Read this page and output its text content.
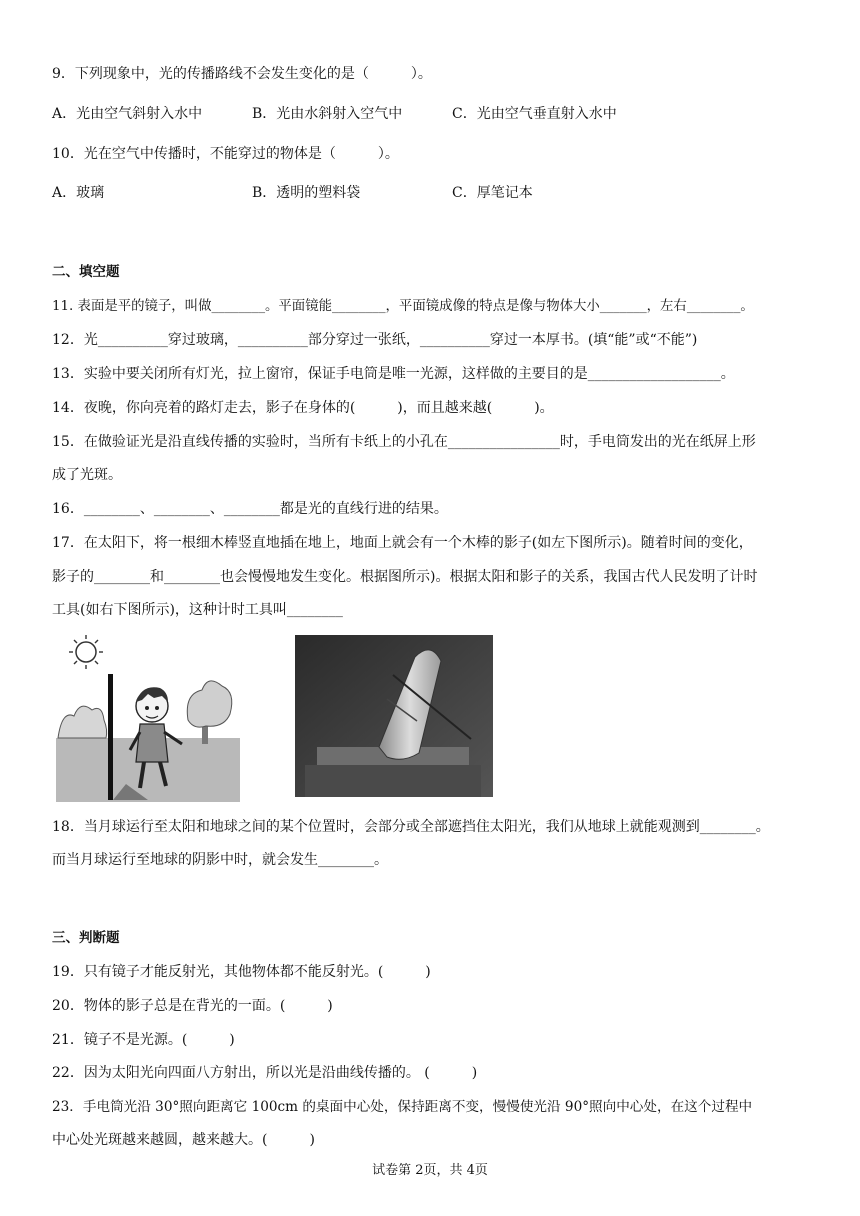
9．下列现象中，光的传播路线不会发生变化的是（　　　）。
A．光由空气斜射入水中	B．光由水斜射入空气中	C．光由空气垂直射入水中
10．光在空气中传播时，不能穿过的物体是（　　　）。
A．玻璃	B．透明的塑料袋	C．厚笔记本
二、填空题
11. 表面是平的镜子，叫做________。平面镜能________，平面镜成像的特点是像与物体大小_______，左右________。
12．光__________穿过玻璃，__________部分穿过一张纸，__________穿过一本厚书。(填“能”或“不能”)
13．实验中要关闭所有灯光，拉上窗帘，保证手电筒是唯一光源，这样做的主要目的是___________________。
14．夜晚，你向亮着的路灯走去，影子在身体的(　　　)，而且越来越(　　　)。
15．在做验证光是沿直线传播的实验时，当所有卡纸上的小孔在________________时，手电筒发出的光在纸屏上形
成了光斑。
16．________、________、________都是光的直线行进的结果。
17．在太阳下，将一根细木棒竖直地插在地上，地面上就会有一个木棒的影子(如左下图所示)。随着时间的变化，
影子的________和________也会慢慢地发生变化。根据图所示)。根据太阳和影子的关系，我国古代人民发明了计时
工具(如右下图所示)，这种计时工具叫________
18．当月球运行至太阳和地球之间的某个位置时，会部分或全部遮挡住太阳光，我们从地球上就能观测到________。
而当月球运行至地球的阴影中时，就会发生________。
三、判断题
19．只有镜子才能反射光，其他物体都不能反射光。(　　　)
20．物体的影子总是在背光的一面。(　　　)
21．镜子不是光源。(　　　)
22．因为太阳光向四面八方射出，所以光是沿曲线传播的。 (　　　)
23．手电筒光沿 30°照向距离它 100cm 的桌面中心处，保持距离不变，慢慢使光沿 90°照向中心处，在这个过程中
中心处光斑越来越圆，越来越大。(　　　)
试卷第 2页，共 4页
